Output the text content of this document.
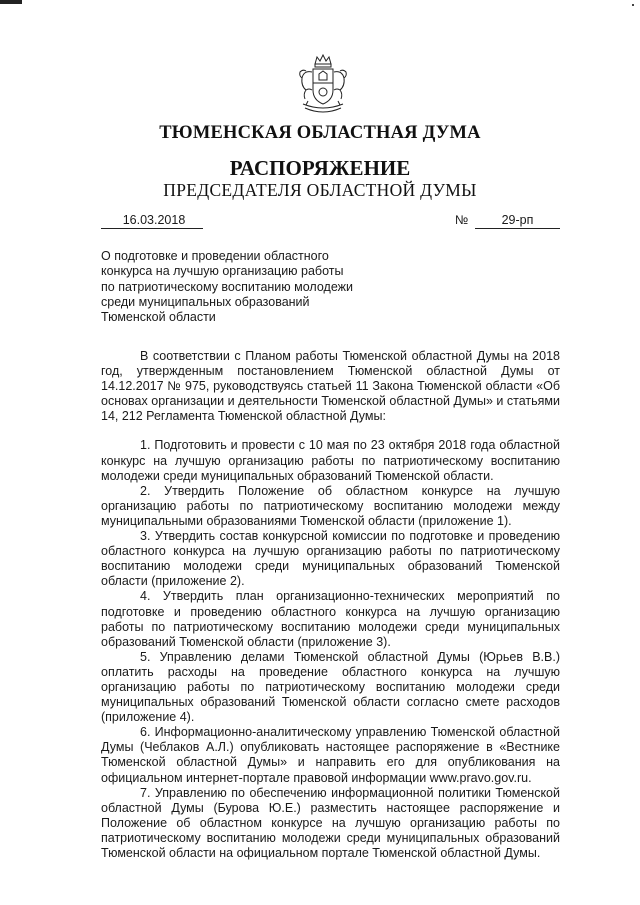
ТЮМЕНСКАЯ ОБЛАСТНАЯ ДУМА
РАСПОРЯЖЕНИЕ
ПРЕДСЕДАТЕЛЯ ОБЛАСТНОЙ ДУМЫ
16.03.2018	№	29-рп
О подготовке и проведении областного
конкурса на лучшую организацию работы
по патриотическому воспитанию молодежи
среди муниципальных образований
Тюменской области

В соответствии с Планом работы Тюменской областной Думы на 2018 год, утвержденным постановлением Тюменской областной Думы от 14.12.2017 № 975, руководствуясь статьей 11 Закона Тюменской области «Об основах организации и деятельности Тюменской областной Думы» и статьями 14, 212 Регламента Тюменской областной Думы:

1. Подготовить и провести с 10 мая по 23 октября 2018 года областной конкурс на лучшую организацию работы по патриотическому воспитанию молодежи среди муниципальных образований Тюменской области.

2. Утвердить Положение об областном конкурсе на лучшую организацию работы по патриотическому воспитанию молодежи между муниципальными образованиями Тюменской области (приложение 1).

3. Утвердить состав конкурсной комиссии по подготовке и проведению областного конкурса на лучшую организацию работы по патриотическому воспитанию молодежи среди муниципальных образований Тюменской области (приложение 2).

4. Утвердить план организационно-технических мероприятий по подготовке и проведению областного конкурса на лучшую организацию работы по патриотическому воспитанию молодежи среди муниципальных образований Тюменской области (приложение 3).

5. Управлению делами Тюменской областной Думы (Юрьев В.В.) оплатить расходы на проведение областного конкурса на лучшую организацию работы по патриотическому воспитанию молодежи среди муниципальных образований Тюменской области согласно смете расходов (приложение 4).

6. Информационно-аналитическому управлению Тюменской областной Думы (Чеблаков А.Л.) опубликовать настоящее распоряжение в «Вестнике Тюменской областной Думы» и направить его для опубликования на официальном интернет-портале правовой информации www.pravo.gov.ru.

7. Управлению по обеспечению информационной политики Тюменской областной Думы (Бурова Ю.Е.) разместить настоящее распоряжение и Положение об областном конкурсе на лучшую организацию работы по патриотическому воспитанию молодежи среди муниципальных образований Тюменской области на официальном портале Тюменской областной Думы.
